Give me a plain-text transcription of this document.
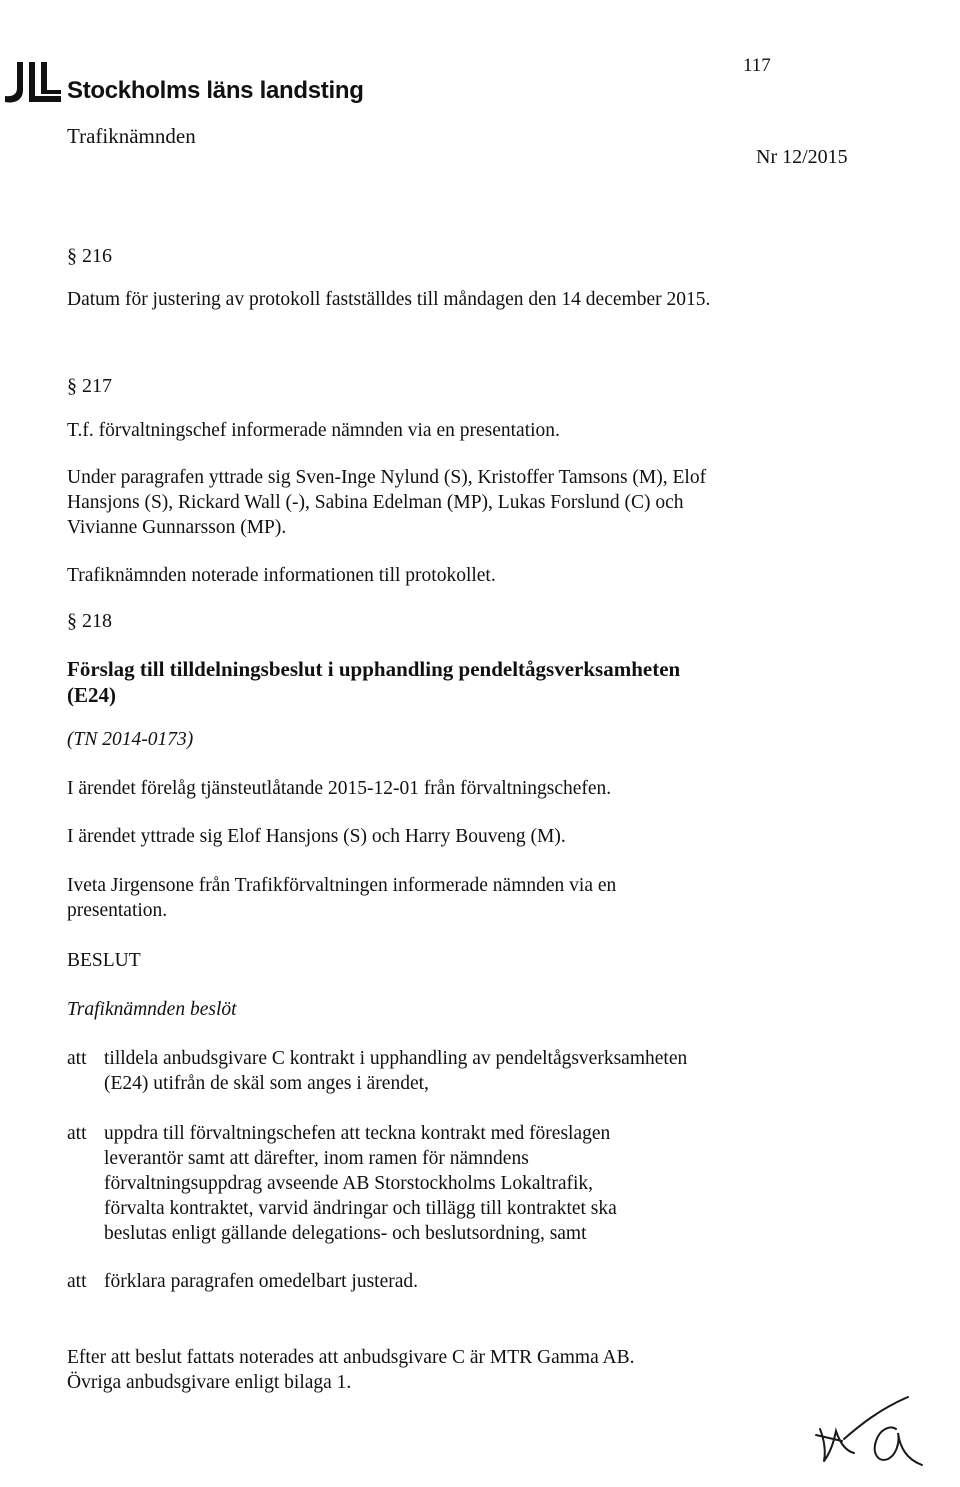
Stockholms läns landsting
Trafiknämnden
117
Nr 12/2015
§ 216
Datum för justering av protokoll fastställdes till måndagen den 14 december 2015.
§ 217
T.f. förvaltningschef informerade nämnden via en presentation.
Under paragrafen yttrade sig Sven-Inge Nylund (S), Kristoffer Tamsons (M), Elof
Hansjons (S), Rickard Wall (-), Sabina Edelman (MP), Lukas Forslund (C) och
Vivianne Gunnarsson (MP).
Trafiknämnden noterade informationen till protokollet.
§ 218
Förslag till tilldelningsbeslut i upphandling pendeltågsverksamheten
(E24)
(TN 2014-0173)
I ärendet förelåg tjänsteutlåtande 2015-12-01 från förvaltningschefen.
I ärendet yttrade sig Elof Hansjons (S) och Harry Bouveng (M).
Iveta Jirgensone från Trafikförvaltningen informerade nämnden via en
presentation.
BESLUT
Trafiknämnden beslöt
att tilldela anbudsgivare C kontrakt i upphandling av pendeltågsverksamheten
(E24) utifrån de skäl som anges i ärendet,
att uppdra till förvaltningschefen att teckna kontrakt med föreslagen
leverantör samt att därefter, inom ramen för nämndens
förvaltningsuppdrag avseende AB Storstockholms Lokaltrafik,
förvalta kontraktet, varvid ändringar och tillägg till kontraktet ska
beslutas enligt gällande delegations- och beslutsordning, samt
att förklara paragrafen omedelbart justerad.
Efter att beslut fattats noterades att anbudsgivare C är MTR Gamma AB.
Övriga anbudsgivare enligt bilaga 1.
